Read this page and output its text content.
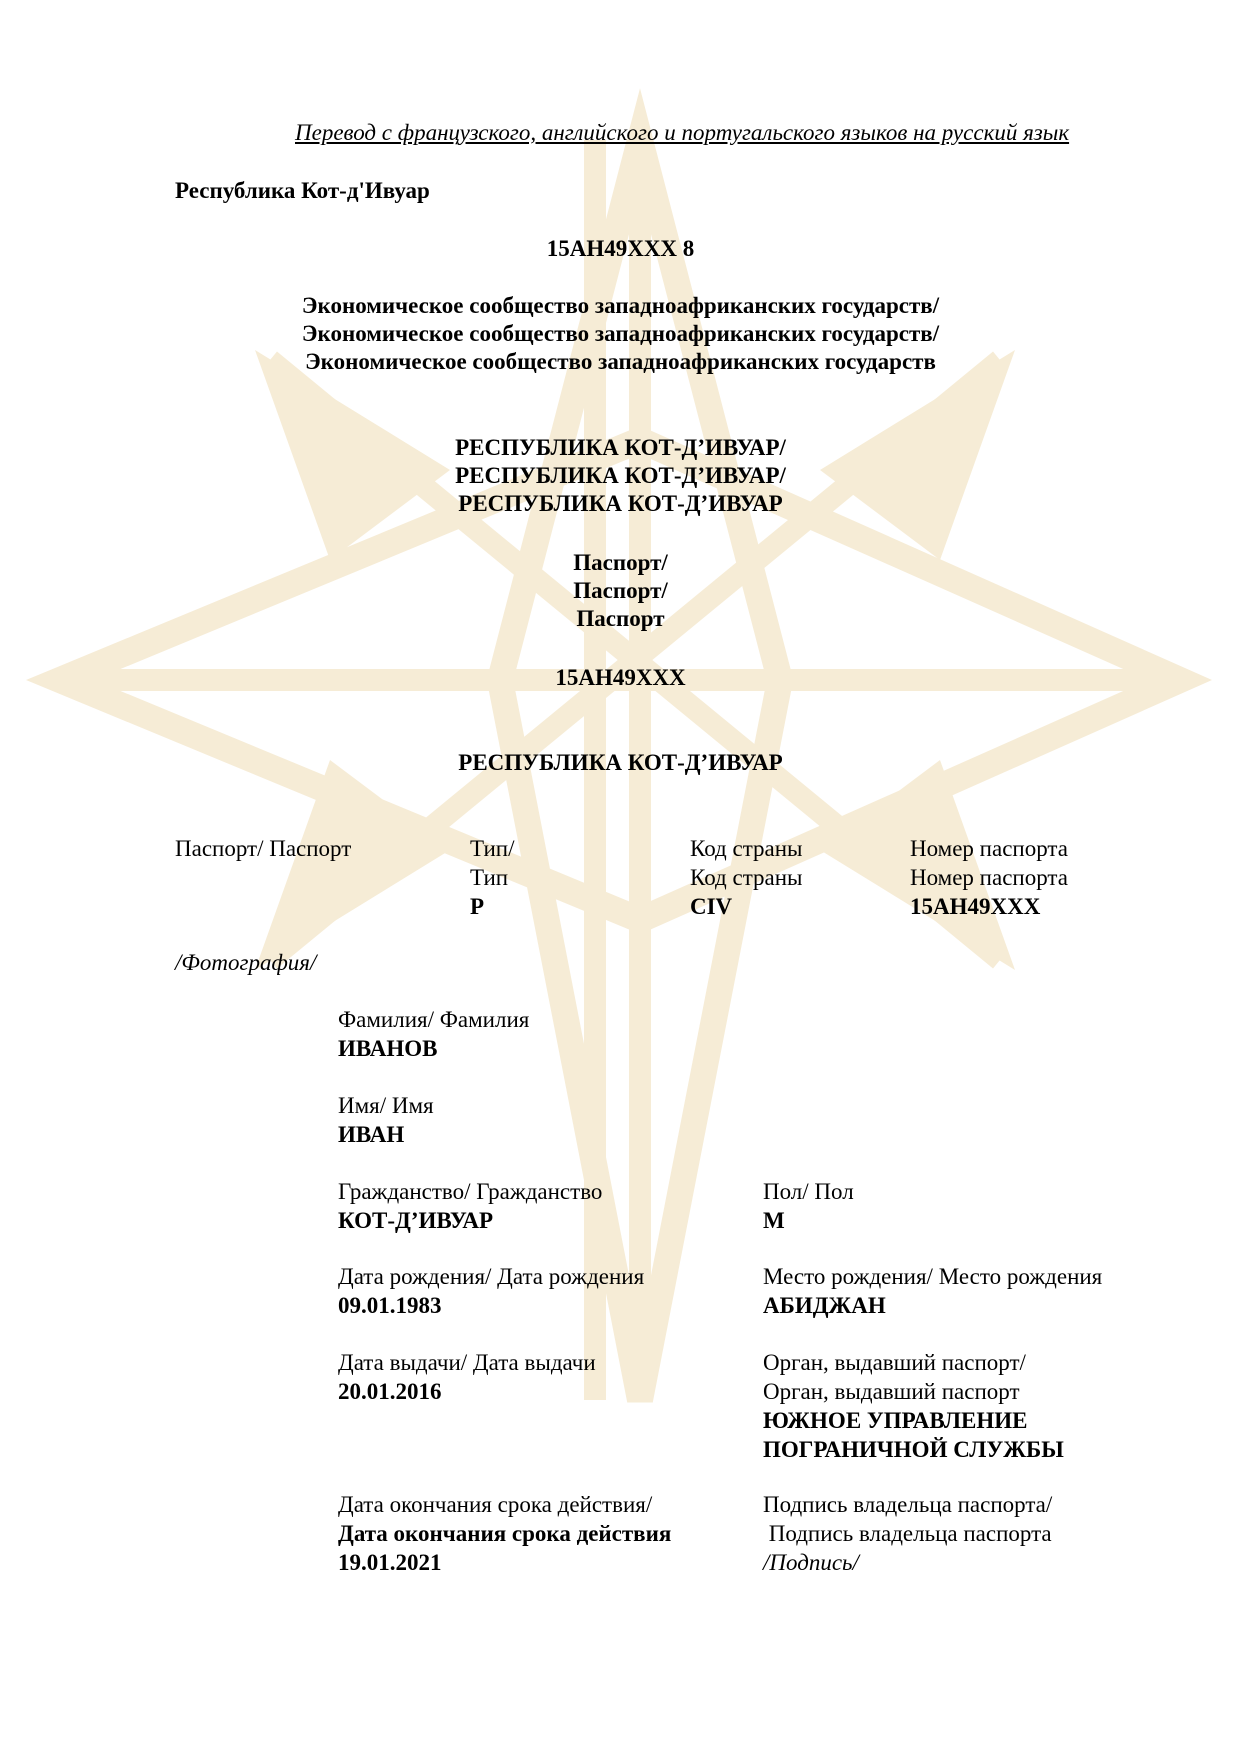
Перевод с французского, английского и португальского языков на русский язык
Республика Кот-д'Ивуар
15АН49ХХХ 8
Экономическое сообщество западноафриканских государств/
Экономическое сообщество западноафриканских государств/
Экономическое сообщество западноафриканских государств
РЕСПУБЛИКА КОТ-Д’ИВУАР/
РЕСПУБЛИКА КОТ-Д’ИВУАР/
РЕСПУБЛИКА КОТ-Д’ИВУАР
Паспорт/
Паспорт/
Паспорт
15АН49ХХХ
РЕСПУБЛИКА КОТ-Д’ИВУАР
Паспорт/ Паспорт	Тип/
Тип
P
Код страны
Код страны
CIV
Номер паспорта
Номер паспорта
15АН49ХХХ
/Фотография/
Фамилия/ Фамилия
ИВАНОВ
Имя/ Имя
ИВАН
Гражданство/ Гражданство
КОТ-Д’ИВУАР
Пол/ Пол
М
Дата рождения/ Дата рождения
09.01.1983
Место рождения/ Место рождения
АБИДЖАН
Дата выдачи/ Дата выдачи
20.01.2016
Орган, выдавший паспорт/
Орган, выдавший паспорт
ЮЖНОЕ УПРАВЛЕНИЕ
ПОГРАНИЧНОЙ СЛУЖБЫ
Дата окончания срока действия/
Дата окончания срока действия
19.01.2021
Подпись владельца паспорта/
Подпись владельца паспорта
/Подпись/
